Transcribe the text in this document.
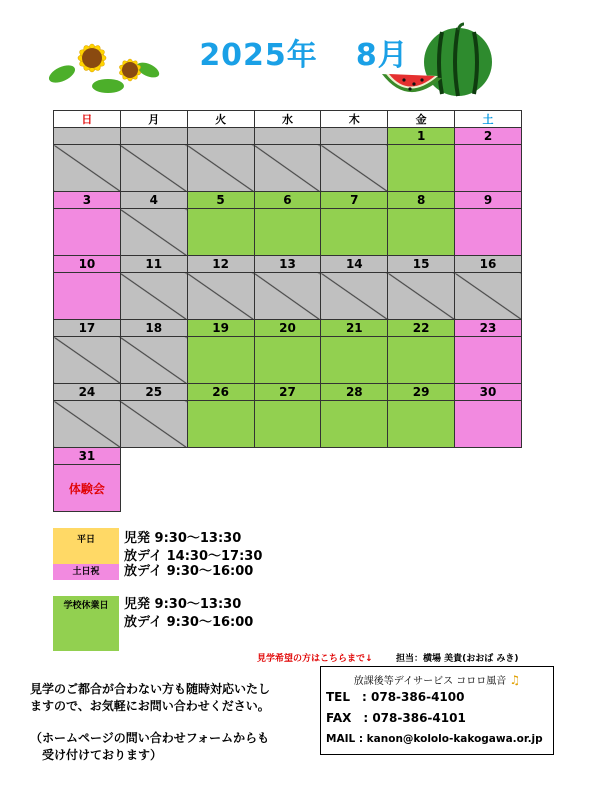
2025年 8月
日	月	火	水	木	金	土
					1	2

3	4	5	6	7	8	9

10	11	12	13	14	15	16

17	18	19	20	21	22	23

24	25	26	27	28	29	30

31						
体験会						
平日	児発 9:30～13:30
放デイ 14:30～17:30
土日祝	放デイ 9:30～16:00
学校休業日	児発 9:30～13:30
放デイ 9:30～16:00
見学希望の方はこちらまで↓	担当：横場 美貴(おおば みき)
見学のご都合が合わない方も随時対応いたし
ますので、お気軽にお問い合わせください。
（ホームページの問い合わせフォームからも
　受け付けております）
放課後等デイサービス コロロ風音 ♫
TEL　: 078-386-4100
FAX　: 078-386-4101
MAIL : kanon@kololo-kakogawa.or.jp
